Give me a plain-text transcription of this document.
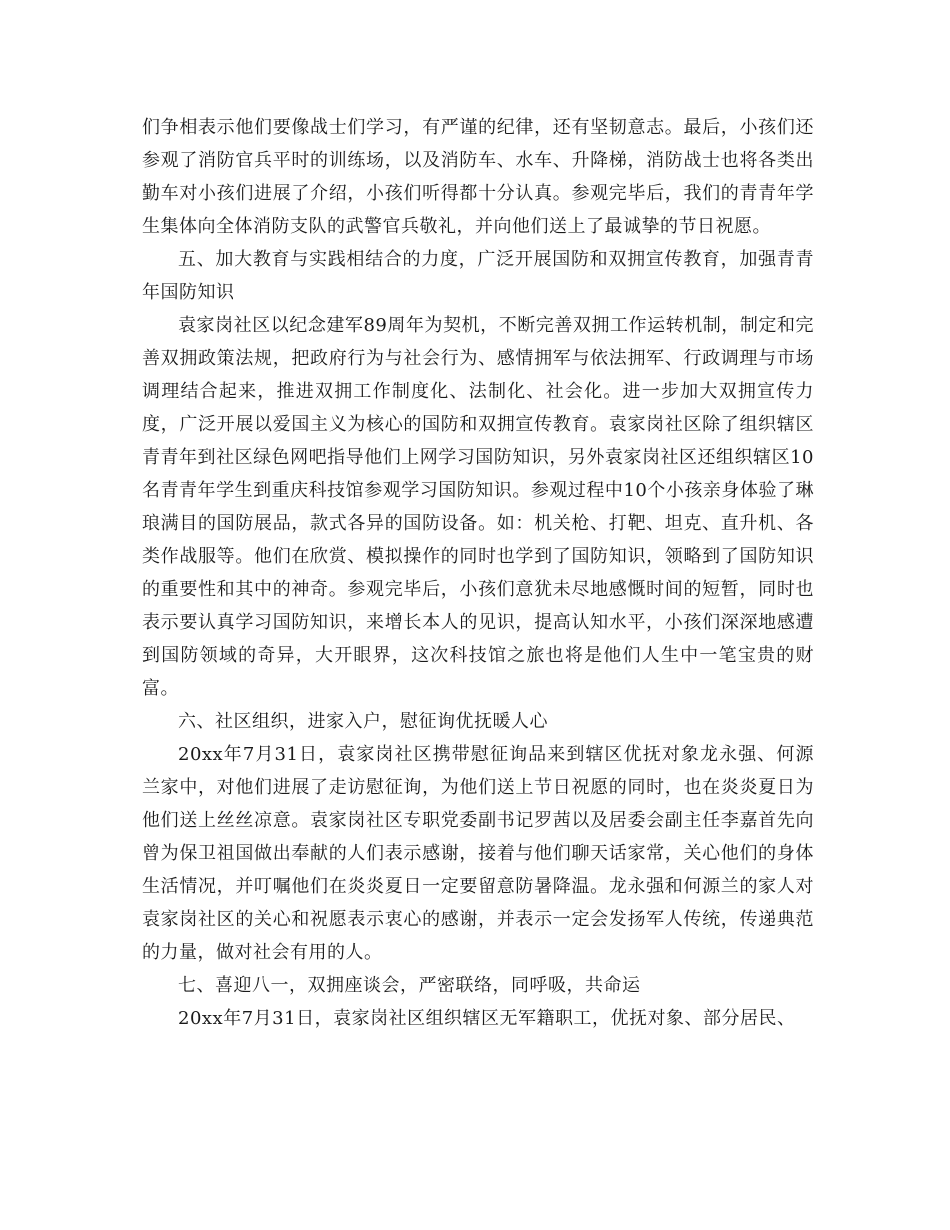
们争相表示他们要像战士们学习，有严谨的纪律，还有坚韧意志。最后，小孩们还参观了消防官兵平时的训练场，以及消防车、水车、升降梯，消防战士也将各类出勤车对小孩们进展了介绍，小孩们听得都十分认真。参观完毕后，我们的青青年学生集体向全体消防支队的武警官兵敬礼，并向他们送上了最诚挚的节日祝愿。

五、加大教育与实践相结合的力度，广泛开展国防和双拥宣传教育，加强青青年国防知识

袁家岗社区以纪念建军89周年为契机，不断完善双拥工作运转机制，制定和完善双拥政策法规，把政府行为与社会行为、感情拥军与依法拥军、行政调理与市场调理结合起来，推进双拥工作制度化、法制化、社会化。进一步加大双拥宣传力度，广泛开展以爱国主义为核心的国防和双拥宣传教育。袁家岗社区除了组织辖区青青年到社区绿色网吧指导他们上网学习国防知识，另外袁家岗社区还组织辖区10名青青年学生到重庆科技馆参观学习国防知识。参观过程中10个小孩亲身体验了琳琅满目的国防展品，款式各异的国防设备。如：机关枪、打靶、坦克、直升机、各类作战服等。他们在欣赏、模拟操作的同时也学到了国防知识，领略到了国防知识的重要性和其中的神奇。参观完毕后，小孩们意犹未尽地感慨时间的短暂，同时也表示要认真学习国防知识，来增长本人的见识，提高认知水平，小孩们深深地感遭到国防领域的奇异，大开眼界，这次科技馆之旅也将是他们人生中一笔宝贵的财富。

六、社区组织，进家入户，慰征询优抚暖人心

20xx年7月31日，袁家岗社区携带慰征询品来到辖区优抚对象龙永强、何源兰家中，对他们进展了走访慰征询，为他们送上节日祝愿的同时，也在炎炎夏日为他们送上丝丝凉意。袁家岗社区专职党委副书记罗茜以及居委会副主任李嘉首先向曾为保卫祖国做出奉献的人们表示感谢，接着与他们聊天话家常，关心他们的身体生活情况，并叮嘱他们在炎炎夏日一定要留意防暑降温。龙永强和何源兰的家人对袁家岗社区的关心和祝愿表示衷心的感谢，并表示一定会发扬军人传统，传递典范的力量，做对社会有用的人。

七、喜迎八一，双拥座谈会，严密联络，同呼吸，共命运

20xx年7月31日，袁家岗社区组织辖区无军籍职工，优抚对象、部分居民、
